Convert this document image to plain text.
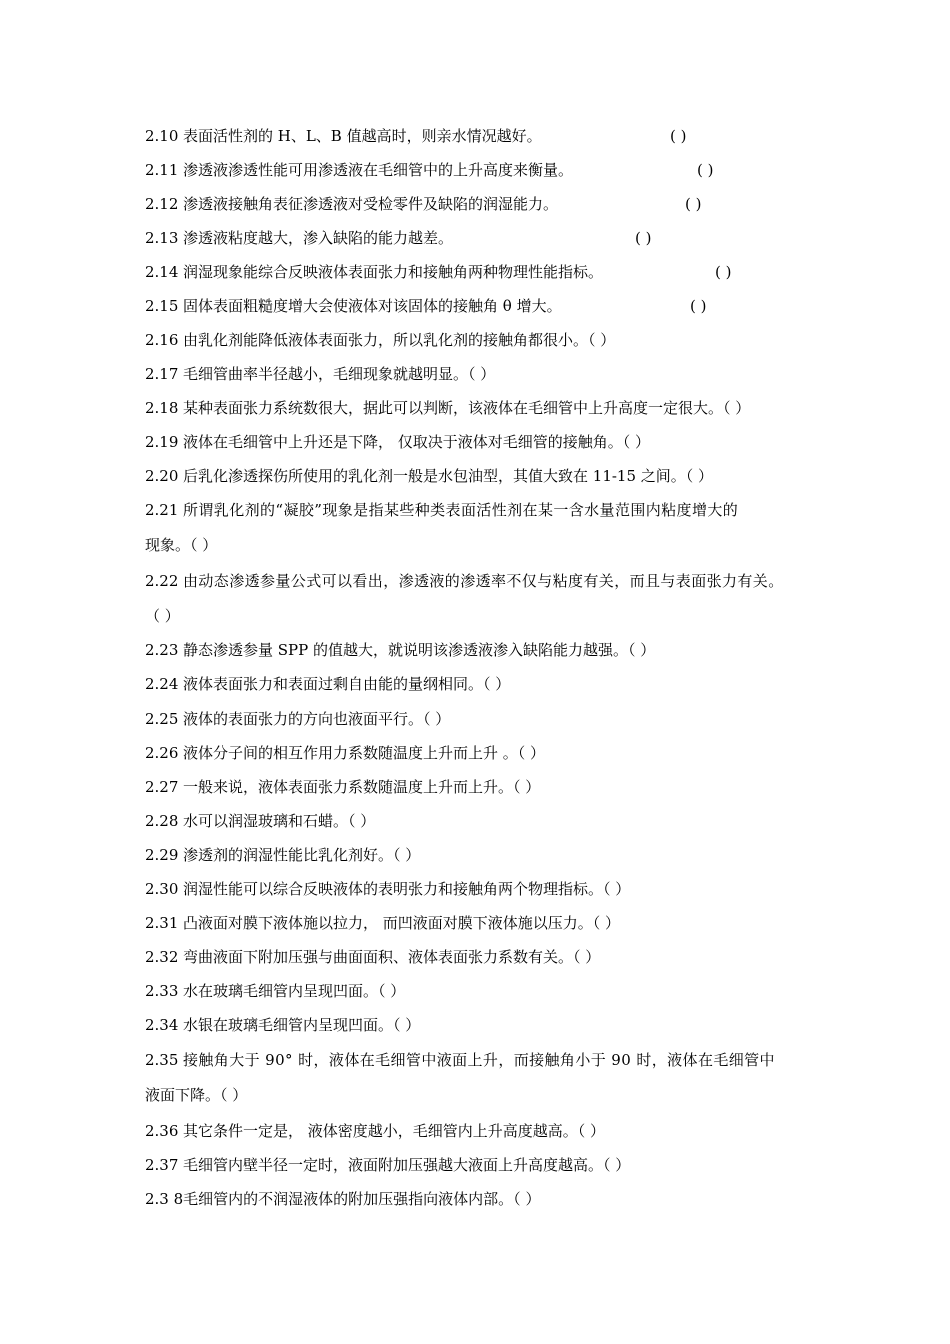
2.10 表面活性剂的 H、L、B 值越高时，则亲水情况越好。	( )
2.11 渗透液渗透性能可用渗透液在毛细管中的上升高度来衡量。	( )
2.12 渗透液接触角表征渗透液对受检零件及缺陷的润湿能力。	( )
2.13 渗透液粘度越大，渗入缺陷的能力越差。	( )
2.14 润湿现象能综合反映液体表面张力和接触角两种物理性能指标。	( )
2.15 固体表面粗糙度增大会使液体对该固体的接触角 θ 增大。	( )
2.16 由乳化剂能降低液体表面张力，所以乳化剂的接触角都很小。（ ）
2.17 毛细管曲率半径越小，毛细现象就越明显。（ ）
2.18 某种表面张力系统数很大，据此可以判断，该液体在毛细管中上升高度一定很大。（ ）
2.19 液体在毛细管中上升还是下降， 仅取决于液体对毛细管的接触角。（ ）
2.20 后乳化渗透探伤所使用的乳化剂一般是水包油型，其值大致在 11-15 之间。（ ）
2.21 所谓乳化剂的“凝胶”现象是指某些种类表面活性剂在某一含水量范围内粘度增大的
现象。（ ）
2.22 由动态渗透参量公式可以看出，渗透液的渗透率不仅与粘度有关，而且与表面张力有关。
（ ）
2.23 静态渗透参量 SPP 的值越大，就说明该渗透液渗入缺陷能力越强。（ ）
2.24 液体表面张力和表面过剩自由能的量纲相同。（ ）
2.25 液体的表面张力的方向也液面平行。（ ）
2.26 液体分子间的相互作用力系数随温度上升而上升 。（ ）
2.27 一般来说，液体表面张力系数随温度上升而上升。（ ）
2.28 水可以润湿玻璃和石蜡。（ ）
2.29 渗透剂的润湿性能比乳化剂好。（ ）
2.30 润湿性能可以综合反映液体的表明张力和接触角两个物理指标。（ ）
2.31 凸液面对膜下液体施以拉力， 而凹液面对膜下液体施以压力。（ ）
2.32 弯曲液面下附加压强与曲面面积、液体表面张力系数有关。（ ）
2.33 水在玻璃毛细管内呈现凹面。（ ）
2.34 水银在玻璃毛细管内呈现凹面。（ ）
2.35 接触角大于 90° 时，液体在毛细管中液面上升，而接触角小于 90 时，液体在毛细管中
液面下降。（ ）
2.36 其它条件一定是， 液体密度越小，毛细管内上升高度越高。（ ）
2.37 毛细管内壁半径一定时，液面附加压强越大液面上升高度越高。（ ）
2.3 8毛细管内的不润湿液体的附加压强指向液体内部。（ ）
